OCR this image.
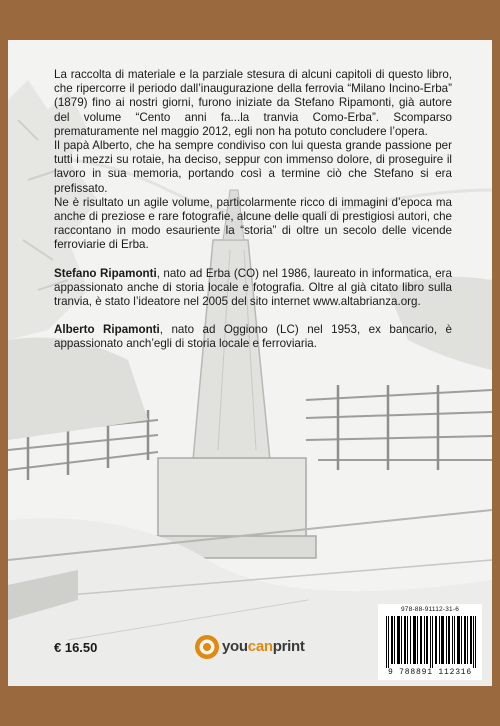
La raccolta di materiale e la parziale stesura di alcuni capitoli di questo libro, che ripercorre il periodo dall’inaugurazione della ferrovia “Milano Incino-Erba” (1879) fino ai nostri giorni, furono iniziate da Stefano Ripamonti, già autore del volume “Cento anni fa...la tranvia Como-Erba”. Scomparso prematuramente nel maggio 2012, egli non ha potuto concludere l’opera.

Il papà Alberto, che ha sempre condiviso con lui questa grande passione per tutti i mezzi su rotaie, ha deciso, seppur con immenso dolore, di proseguire il lavoro in sua memoria, portando così a termine ciò che Stefano si era prefissato.

Ne è risultato un agile volume, particolarmente ricco di immagini d’epoca ma anche di preziose e rare fotografie, alcune delle quali di prestigiosi autori, che raccontano in modo esauriente la “storia” di oltre un secolo delle vicende ferroviarie di Erba.

Stefano Ripamonti, nato ad Erba (CO) nel 1986, laureato in informatica, era appassionato anche di storia locale e fotografia. Oltre al già citato libro sulla tranvia, è stato l’ideatore nel 2005 del sito internet www.altabrianza.org.

Alberto Ripamonti, nato ad Oggiono (LC) nel 1953, ex bancario, è appassionato anch’egli di storia locale e ferroviaria.

€ 16.50	youcanprint
978-88-91112-31-6
9 788891 112316
